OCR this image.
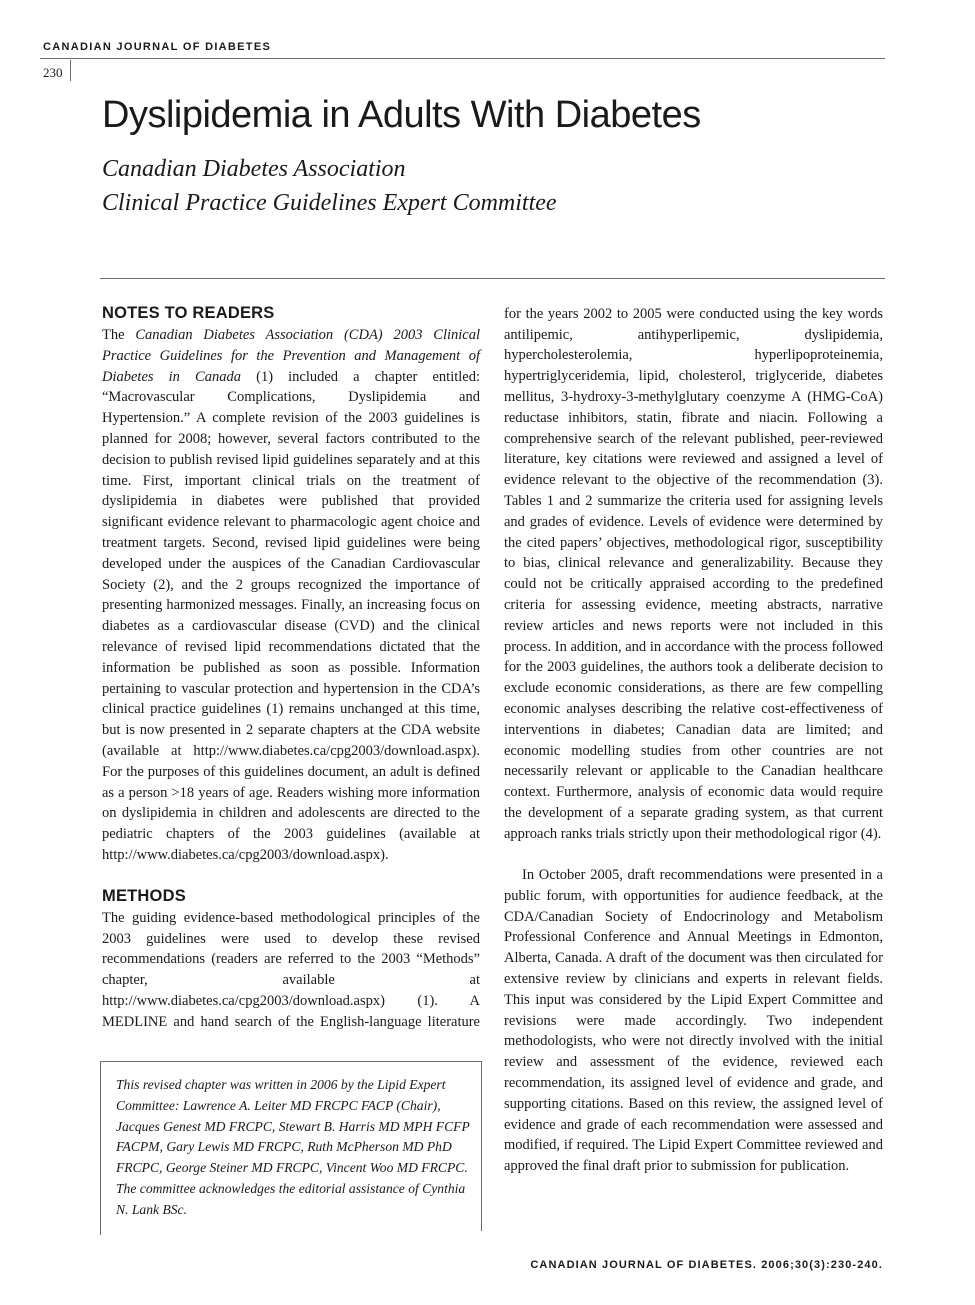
CANADIAN JOURNAL OF DIABETES
230
Dyslipidemia in Adults With Diabetes
Canadian Diabetes Association
Clinical Practice Guidelines Expert Committee
NOTES TO READERS

The Canadian Diabetes Association (CDA) 2003 Clinical Practice Guidelines for the Prevention and Management of Diabetes in Canada (1) included a chapter entitled: “Macrovascular Complications, Dyslipidemia and Hypertension.” A complete revision of the 2003 guidelines is planned for 2008; however, several factors contributed to the decision to publish revised lipid guidelines separately and at this time. First, important clinical trials on the treatment of dyslipidemia in diabetes were published that provided significant evidence relevant to pharmacologic agent choice and treatment targets. Second, revised lipid guidelines were being developed under the auspices of the Canadian Cardiovascular Society (2), and the 2 groups recognized the importance of presenting harmonized messages. Finally, an increasing focus on diabetes as a cardiovascular disease (CVD) and the clinical relevance of revised lipid recommendations dictated that the information be published as soon as possible. Information pertaining to vascular protection and hypertension in the CDA’s clinical practice guidelines (1) remains unchanged at this time, but is now presented in 2 separate chapters at the CDA website (available at http://www.diabetes.ca/cpg2003/download.aspx). For the purposes of this guidelines document, an adult is defined as a person >18 years of age. Readers wishing more information on dyslipidemia in children and adolescents are directed to the pediatric chapters of the 2003 guidelines (available at http://www.diabetes.ca/cpg2003/download.aspx).

METHODS

The guiding evidence-based methodological principles of the 2003 guidelines were used to develop these revised recommendations (readers are referred to the 2003 “Methods” chapter, available at http://www.diabetes.ca/cpg2003/download.aspx) (1). A MEDLINE and hand search of the English-language literature

This revised chapter was written in 2006 by the Lipid Expert Committee: Lawrence A. Leiter MD FRCPC FACP (Chair), Jacques Genest MD FRCPC, Stewart B. Harris MD MPH FCFP FACPM, Gary Lewis MD FRCPC, Ruth McPherson MD PhD FRCPC, George Steiner MD FRCPC, Vincent Woo MD FRCPC. The committee acknowledges the editorial assistance of Cynthia N. Lank BSc.

for the years 2002 to 2005 were conducted using the key words antilipemic, antihyperlipemic, dyslipidemia, hypercholesterolemia, hyperlipoproteinemia, hypertriglyceridemia, lipid, cholesterol, triglyceride, diabetes mellitus, 3-hydroxy-3-methylglutary coenzyme A (HMG-CoA) reductase inhibitors, statin, fibrate and niacin. Following a comprehensive search of the relevant published, peer-reviewed literature, key citations were reviewed and assigned a level of evidence relevant to the objective of the recommendation (3). Tables 1 and 2 summarize the criteria used for assigning levels and grades of evidence. Levels of evidence were determined by the cited papers’ objectives, methodological rigor, susceptibility to bias, clinical relevance and generalizability. Because they could not be critically appraised according to the predefined criteria for assessing evidence, meeting abstracts, narrative review articles and news reports were not included in this process. In addition, and in accordance with the process followed for the 2003 guidelines, the authors took a deliberate decision to exclude economic considerations, as there are few compelling economic analyses describing the relative cost-effectiveness of interventions in diabetes; Canadian data are limited; and economic modelling studies from other countries are not necessarily relevant or applicable to the Canadian healthcare context. Furthermore, analysis of economic data would require the development of a separate grading system, as that current approach ranks trials strictly upon their methodological rigor (4).

In October 2005, draft recommendations were presented in a public forum, with opportunities for audience feedback, at the CDA/Canadian Society of Endocrinology and Metabolism Professional Conference and Annual Meetings in Edmonton, Alberta, Canada. A draft of the document was then circulated for extensive review by clinicians and experts in relevant fields. This input was considered by the Lipid Expert Committee and revisions were made accordingly. Two independent methodologists, who were not directly involved with the initial review and assessment of the evidence, reviewed each recommendation, its assigned level of evidence and grade, and supporting citations. Based on this review, the assigned level of evidence and grade of each recommendation were assessed and modified, if required. The Lipid Expert Committee reviewed and approved the final draft prior to submission for publication.

CANADIAN JOURNAL OF DIABETES. 2006;30(3):230-240.
